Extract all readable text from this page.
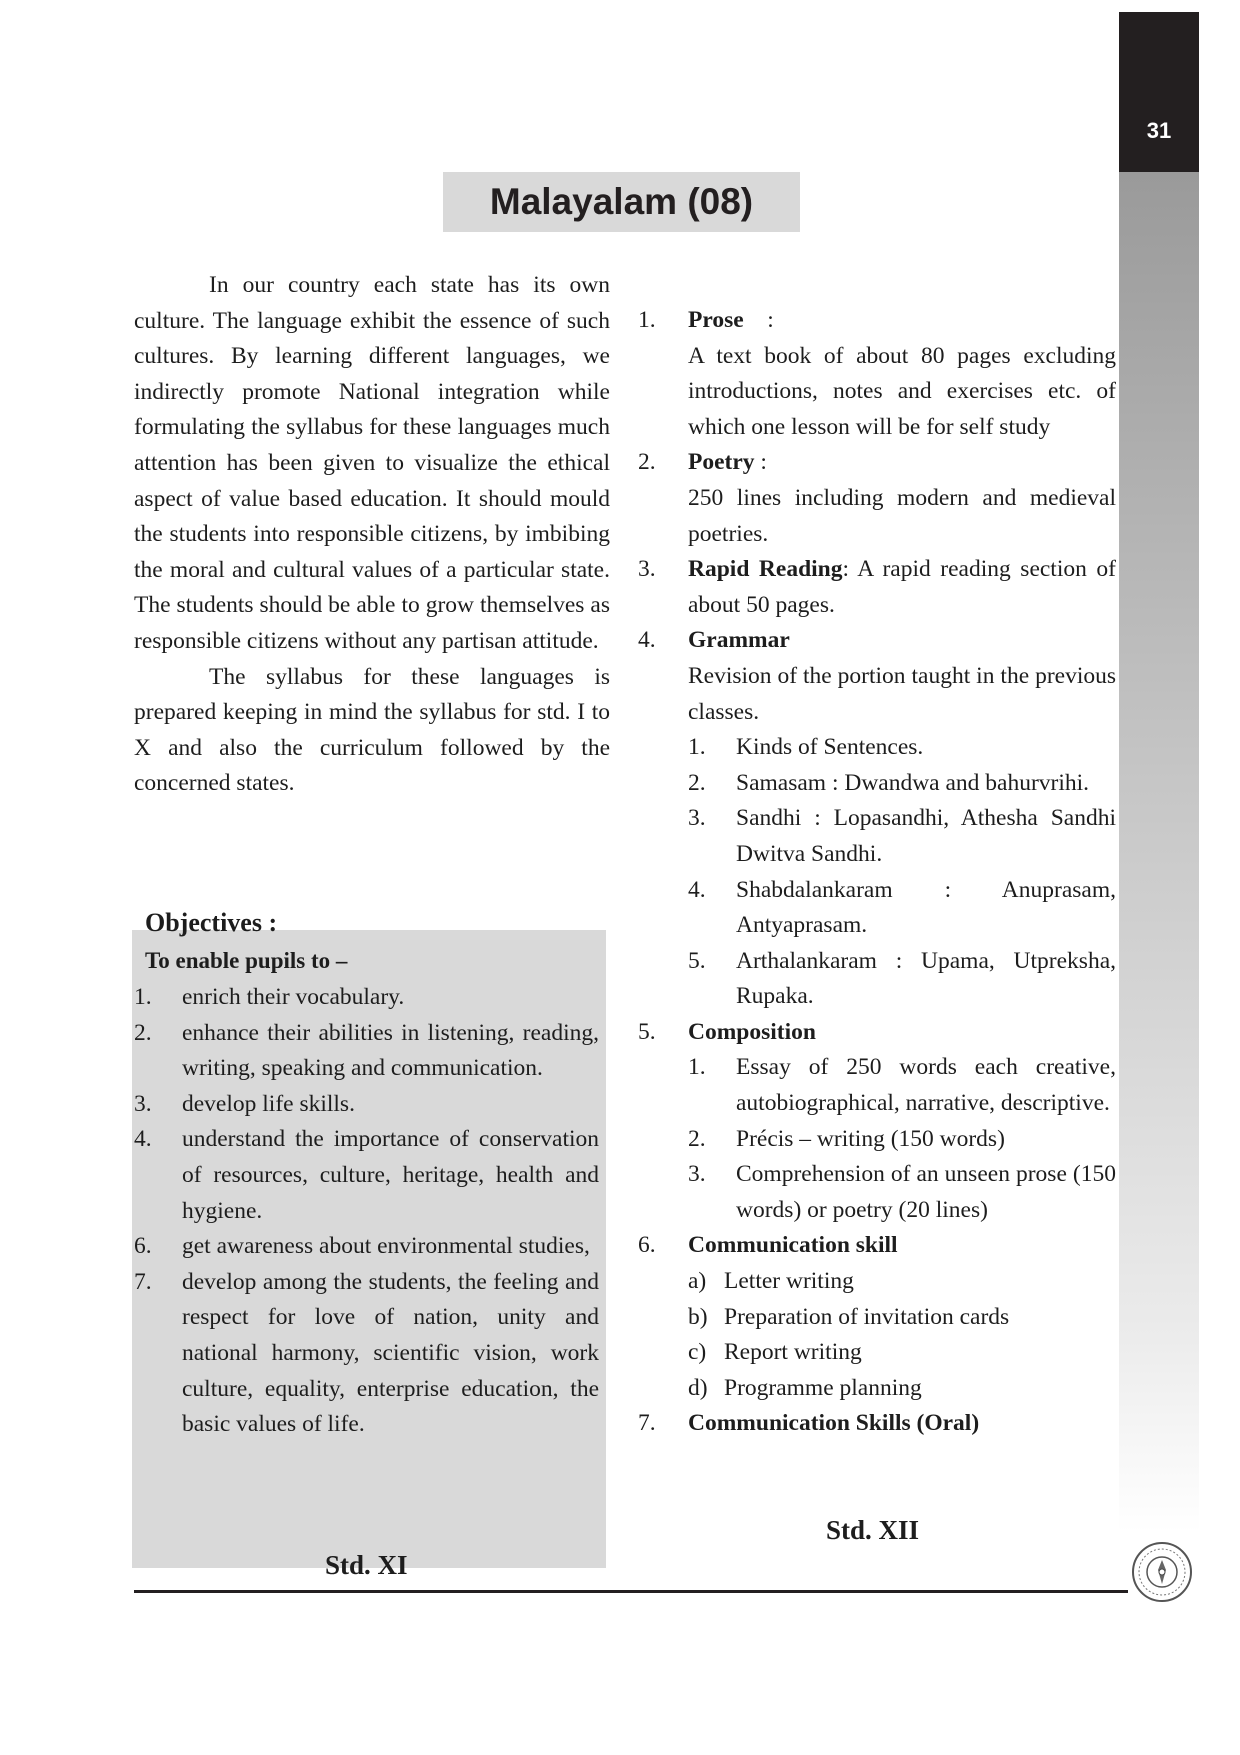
31
Malayalam (08)

In our country each state has its own culture. The language exhibit the essence of such cultures. By learning different languages, we indirectly promote National integration while formulating the syllabus for these languages much attention has been given to visualize the ethical aspect of value based education. It should mould the students into responsible citizens, by imbibing the moral and cultural values of a particular state. The students should be able to grow themselves as responsible citizens without any partisan attitude.

The syllabus for these languages is prepared keeping in mind the syllabus for std. I to X and also the curriculum followed by the concerned states.

Objectives :
To enable pupils to –
1.	enrich their vocabulary.
2.	enhance their abilities in listening, reading, writing, speaking and communication.
3.	develop life skills.
4.	understand the importance of conservation of resources, culture, heritage, health and hygiene.
6.	get awareness about environmental studies,
7.	develop among the students, the feeling and respect for love of nation, unity and national harmony, scientific vision, work culture, equality, enterprise education, the basic values of life.
Std. XI
1.	Prose :
A text book of about 80 pages excluding introductions, notes and exercises etc. of which one lesson will be for self study
2.	Poetry :
250 lines including modern and medieval poetries.
3.	Rapid Reading: A rapid reading section of about 50 pages.
4.	Grammar
Revision of the portion taught in the previous classes.
1.	Kinds of Sentences.
2.	Samasam : Dwandwa and bahurvrihi.
3.	Sandhi : Lopasandhi, Athesha Sandhi Dwitva Sandhi.
4.	Shabdalankaram : Anuprasam, Antyaprasam.
5.	Arthalankaram : Upama, Utpreksha, Rupaka.
5.	Composition
1.	Essay of 250 words each creative, autobiographical, narrative, descriptive.
2.	Précis – writing (150 words)
3.	Comprehension of an unseen prose (150 words) or poetry (20 lines)
6.	Communication skill
a) Letter writing
b) Preparation of invitation cards
c) Report writing
d) Programme planning
7.	Communication Skills (Oral)
Std. XII
